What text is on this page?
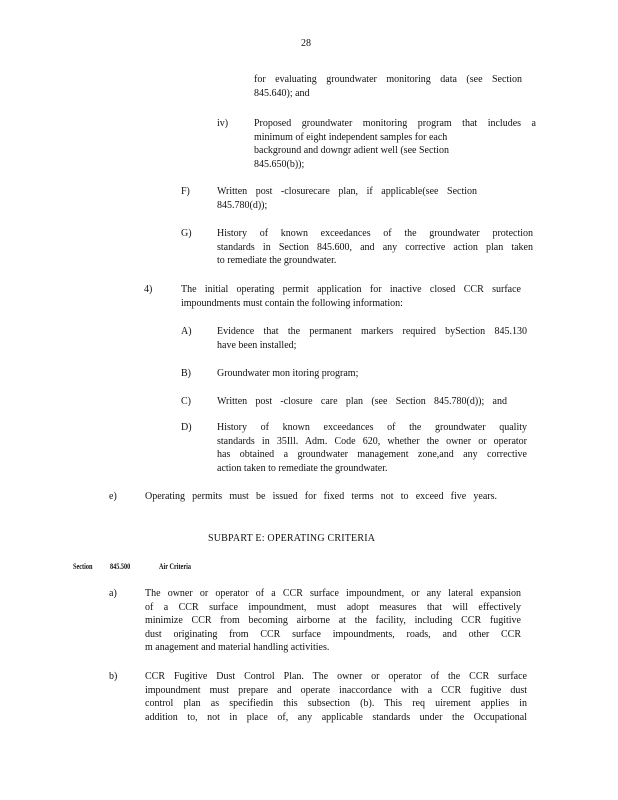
28
for evaluating groundwater monitoring data (see Section
845.640); and
iv)	Proposed groundwater monitoring program that includes a
minimum of eight independent samples for each
background and downgr adient well (see Section
845.650(b));
F)	Written post -closurecare plan, if applicable(see Section
845.780(d));
G)	History of known exceedances of the groundwater protection
standards in Section 845.600, and any corrective action plan taken
to remediate the groundwater.
4)	The initial operating permit application for inactive closed CCR surface
impoundments must contain the following information:
A)	Evidence that the permanent markers required bySection 845.130
have been installed;
B)	Groundwater mon itoring program;
C)	Written post -closure care plan (see Section 845.780(d)); and
D)	History of known exceedances of the groundwater quality
standards in 35Ill. Adm. Code 620, whether the owner or operator
has obtained a groundwater management zone,and any corrective
action taken to remediate the groundwater.
e)	Operating permits must be issued for fixed terms not to exceed five years.
SUBPART E: OPERATING CRITERIA
Section 845.500	Air Criteria
a)	The owner or operator of a CCR surface impoundment, or any lateral expansion
of a CCR surface impoundment, must adopt measures that will effectively
minimize CCR from becoming airborne at the facility, including CCR fugitive
dust originating from CCR surface impoundments, roads, and other CCR
m anagement and material handling activities.
b)	CCR Fugitive Dust Control Plan. The owner or operator of the CCR surface
impoundment must prepare and operate inaccordance with a CCR fugitive dust
control plan as specifiedin this subsection (b). This req uirement applies in
addition to, not in place of, any applicable standards under the Occupational
